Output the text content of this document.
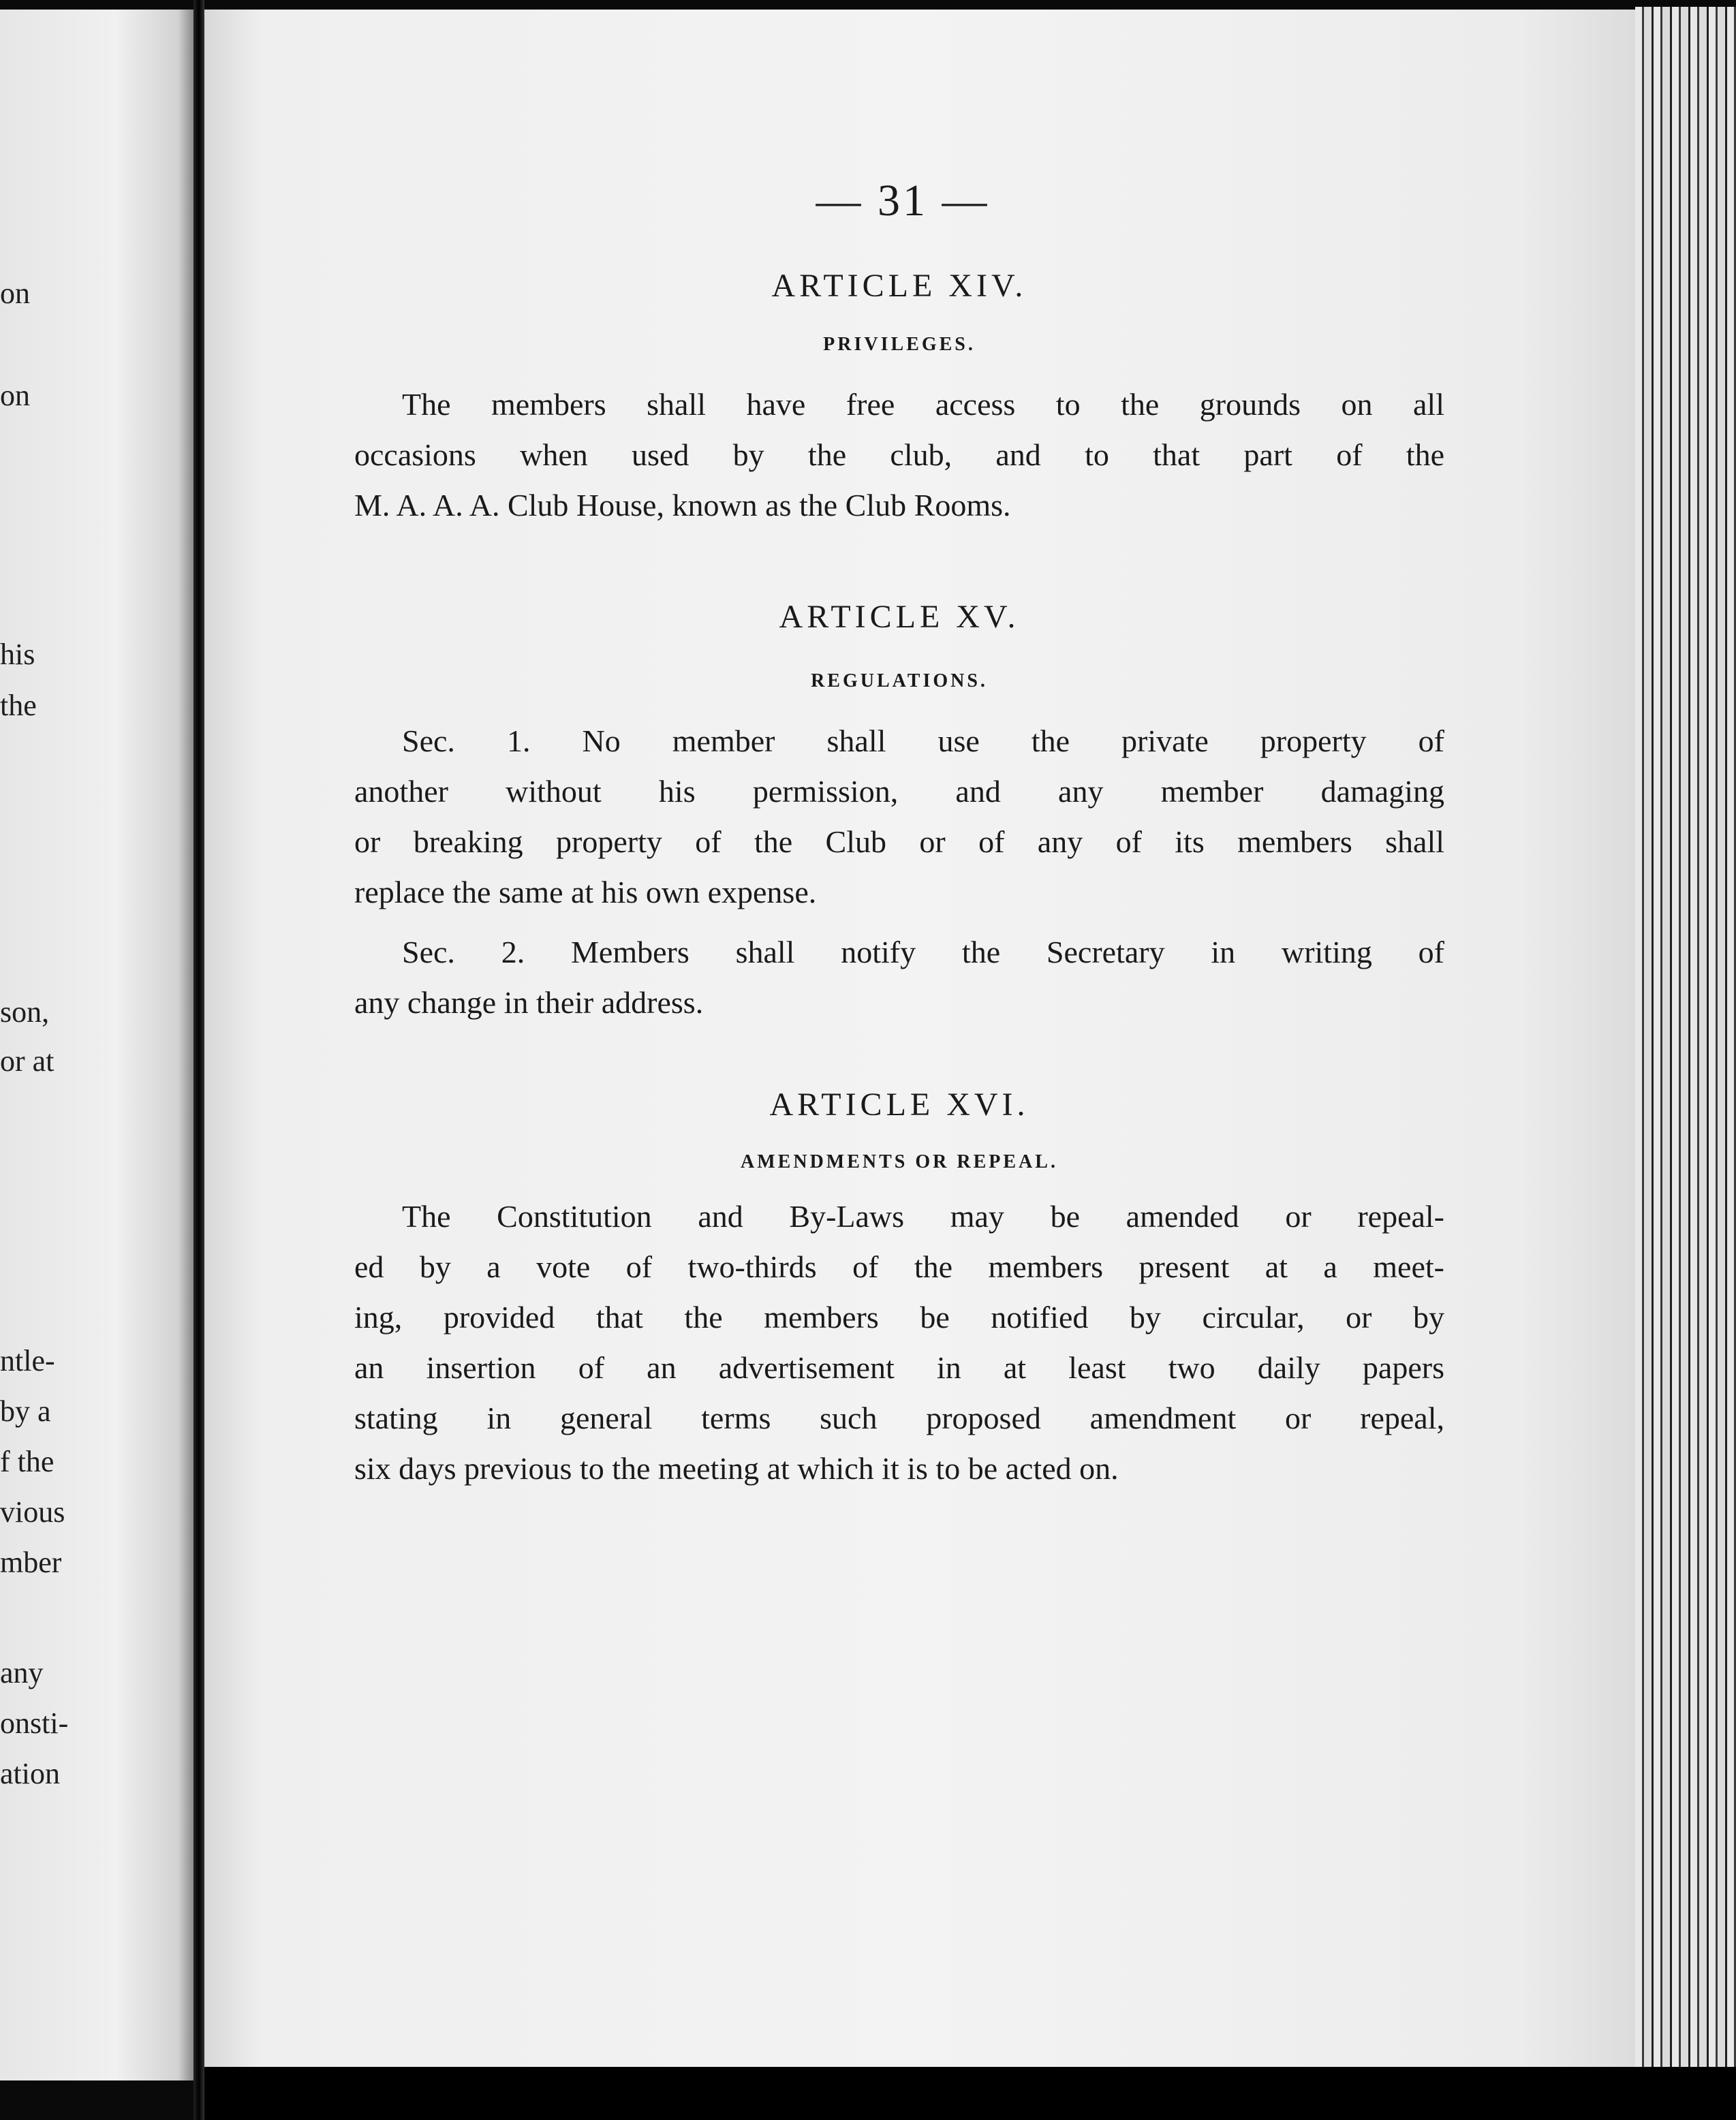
on
on
his
the
son,
or at
ntle-
by a
f the
vious
mber
any
onsti-
ation
— 31 —
ARTICLE XIV.
PRIVILEGES.
The members shall have free access to the grounds on all
occasions when used by the club, and to that part of the
M. A. A. A. Club House, known as the Club Rooms.
ARTICLE XV.
REGULATIONS.
Sec. 1. No member shall use the private property of
another without his permission, and any member damaging
or breaking property of the Club or of any of its members shall
replace the same at his own expense.
Sec. 2. Members shall notify the Secretary in writing of
any change in their address.
ARTICLE XVI.
AMENDMENTS OR REPEAL.
The Constitution and By-Laws may be amended or repeal-
ed by a vote of two-thirds of the members present at a meet-
ing, provided that the members be notified by circular, or by
an insertion of an advertisement in at least two daily papers
stating in general terms such proposed amendment or repeal,
six days previous to the meeting at which it is to be acted on.
